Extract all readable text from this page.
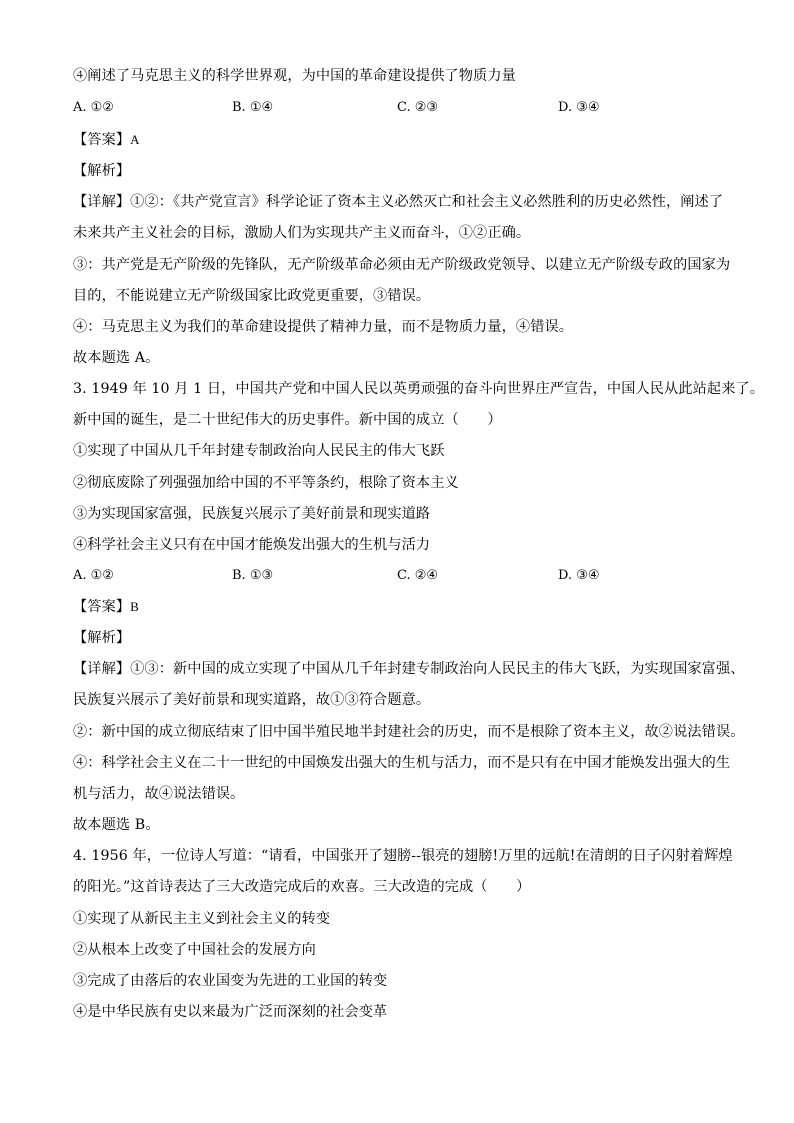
④阐述了马克思主义的科学世界观，为中国的革命建设提供了物质力量
A. ①②	B. ①④	C. ②③	D. ③④
【答案】A
【解析】
【详解】①②：《共产党宣言》科学论证了资本主义必然灭亡和社会主义必然胜利的历史必然性，阐述了
未来共产主义社会的目标，激励人们为实现共产主义而奋斗，①②正确。
③：共产党是无产阶级的先锋队，无产阶级革命必须由无产阶级政党领导、以建立无产阶级专政的国家为
目的，不能说建立无产阶级国家比政党更重要，③错误。
④：马克思主义为我们的革命建设提供了精神力量，而不是物质力量，④错误。
故本题选 A。
3. 1949 年 10 月 1 日，中国共产党和中国人民以英勇顽强的奋斗向世界庄严宣告，中国人民从此站起来了。
新中国的诞生，是二十世纪伟大的历史事件。新中国的成立（　　）
①实现了中国从几千年封建专制政治向人民民主的伟大飞跃
②彻底废除了列强强加给中国的不平等条约，根除了资本主义
③为实现国家富强，民族复兴展示了美好前景和现实道路
④科学社会主义只有在中国才能焕发出强大的生机与活力
A. ①②	B. ①③	C. ②④	D. ③④
【答案】B
【解析】
【详解】①③：新中国的成立实现了中国从几千年封建专制政治向人民民主的伟大飞跃，为实现国家富强、
民族复兴展示了美好前景和现实道路，故①③符合题意。
②：新中国的成立彻底结束了旧中国半殖民地半封建社会的历史，而不是根除了资本主义，故②说法错误。
④：科学社会主义在二十一世纪的中国焕发出强大的生机与活力，而不是只有在中国才能焕发出强大的生
机与活力，故④说法错误。
故本题选 B。
4. 1956 年，一位诗人写道：“请看，中国张开了翅膀--银亮的翅膀!万里的远航!在清朗的日子闪射着辉煌
的阳光。”这首诗表达了三大改造完成后的欢喜。三大改造的完成（　　）
①实现了从新民主主义到社会主义的转变
②从根本上改变了中国社会的发展方向
③完成了由落后的农业国变为先进的工业国的转变
④是中华民族有史以来最为广泛而深刻的社会变革
